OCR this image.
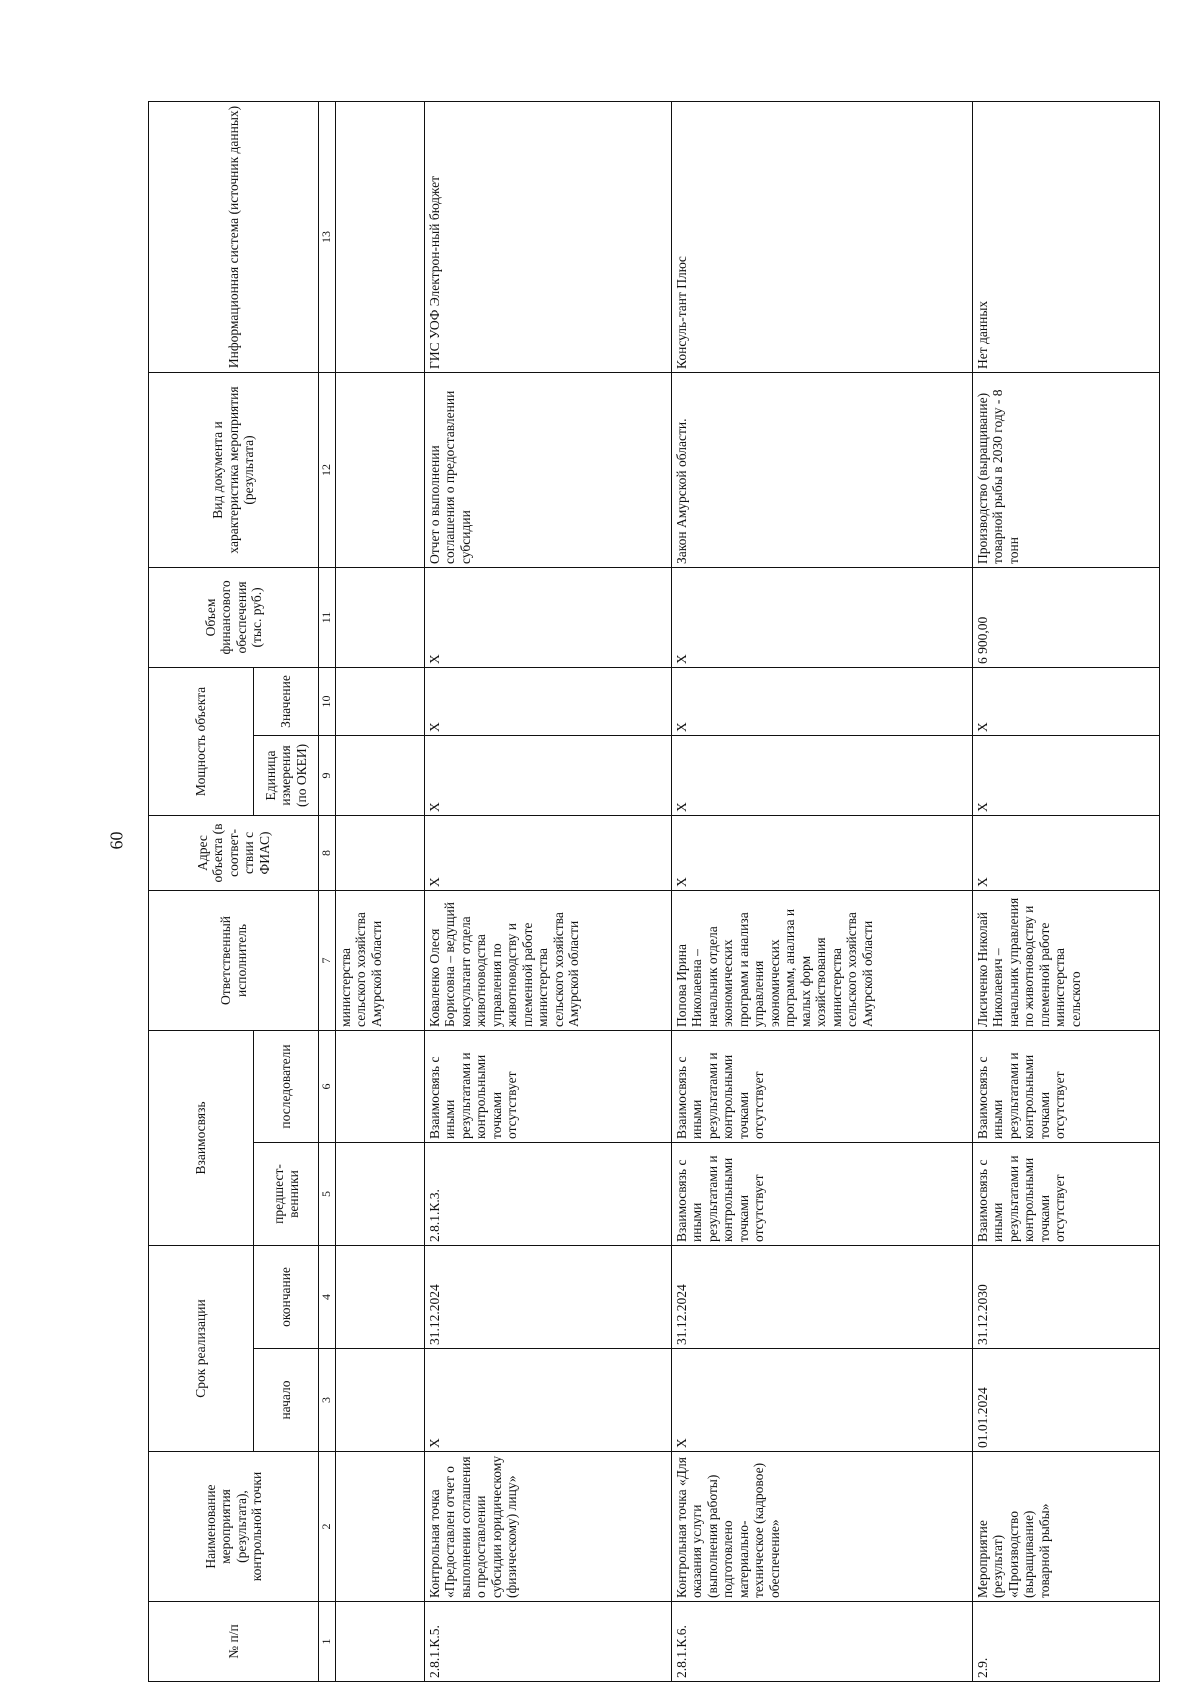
60
№ п/п	Наименование мероприятия (результата), контрольной точки	Срок реализации		Взаимосвязь		Ответственный исполнитель	Адрес объекта (в соответ-ствии с ФИАС)	Мощность объекта		Объем финансового обеспечения (тыс. руб.)	Вид документа и характеристика мероприятия (результата)	Информационная система (источник данных)
		начало	окончание	предшест-венники	последователи			Единица измерения (по ОКЕИ)	Значение			
1	2	3	4	5	6	7	8	9	10	11	12	13
						министерства сельского хозяйства Амурской области						
2.8.1.К.5.	Контрольная точка «Предоставлен отчет о выполнении соглашения о предоставлении субсидии юридическому (физическому) лицу»	X	31.12.2024	2.8.1.К.3.	Взаимосвязь с иными результатами и контрольными точками отсутствует	Коваленко Олеся Борисовна – ведущий консультант отдела животноводства управления по животноводству и племенной работе министерства сельского хозяйства Амурской области	X	X	X	X	Отчет о выполнении соглашения о предоставлении субсидии	ГИС УОФ Электрон-ный бюджет
2.8.1.К.6.	Контрольная точка «Для оказания услуги (выполнения работы) подготовлено материально-техническое (кадровое) обеспечение»	X	31.12.2024	Взаимосвязь с иными результатами и контрольными точками отсутствует	Взаимосвязь с иными результатами и контрольными точками отсутствует	Попова Ирина Николаевна – начальник отдела экономических программ и анализа управления экономических программ, анализа и малых форм хозяйствования министерства сельского хозяйства Амурской области	X	X	X	X	Закон Амурской области.	Консуль-тант Плюс
2.9.	Мероприятие (результат) «Производство (выращивание) товарной рыбы»	01.01.2024	31.12.2030	Взаимосвязь с иными результатами и контрольными точками отсутствует	Взаимосвязь с иными результатами и контрольными точками отсутствует	Лисиченко Николай Николаевич – начальник управления по животноводству и племенной работе министерства сельского	X	X	X	6 900,00	Производство (выращивание) товарной рыбы в 2030 году - 8 тонн	Нет данных
